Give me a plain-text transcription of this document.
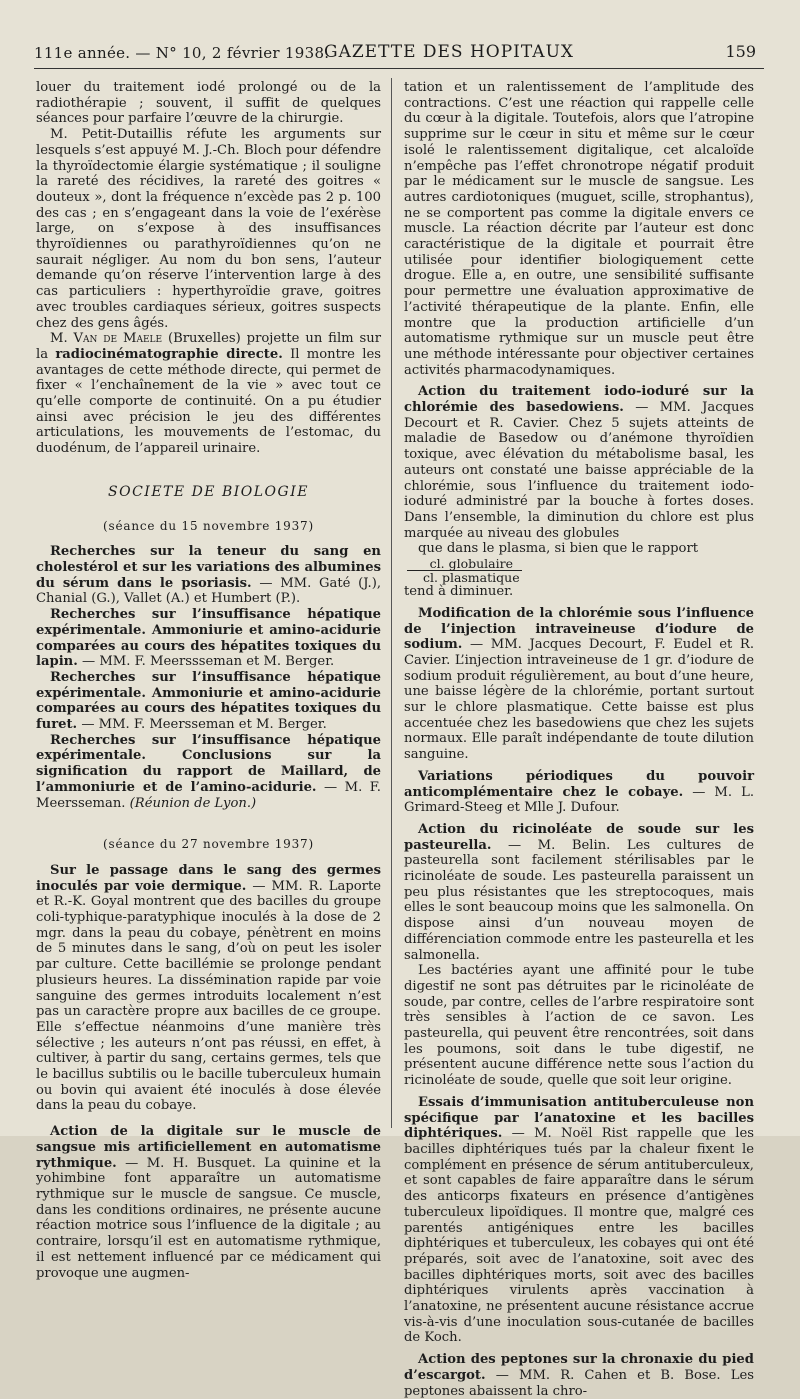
111e année. — N° 10, 2 février 1938.
GAZETTE DES HOPITAUX	159

louer du traitement iodé prolongé ou de la radiothérapie ; souvent, il suffit de quelques séances pour parfaire l’œuvre de la chirurgie.

M. Petit-Dutaillis réfute les arguments sur lesquels s’est appuyé M. J.-Ch. Bloch pour défendre la thyroïdectomie élargie systématique ; il souligne la rareté des récidives, la rareté des goitres « douteux », dont la fréquence n’excède pas 2 p. 100 des cas ; en s’engageant dans la voie de l’exérèse large, on s’expose à des insuffisances thyroïdiennes ou parathyroïdiennes qu’on ne saurait négliger. Au nom du bon sens, l’auteur demande qu’on réserve l’intervention large à des cas particuliers : hyperthyroïdie grave, goitres avec troubles cardiaques sérieux, goitres suspects chez des gens âgés.

M. Van de Maele (Bruxelles) projette un film sur la radiocinématographie directe. Il montre les avantages de cette méthode directe, qui permet de fixer « l’enchaînement de la vie » avec tout ce qu’elle comporte de continuité. On a pu étudier ainsi avec précision le jeu des différentes articulations, les mouvements de l’estomac, du duodénum, de l’appareil urinaire.

SOCIETE DE BIOLOGIE
(séance du 15 novembre 1937)

Recherches sur la teneur du sang en cholestérol et sur les variations des albumines du sérum dans le psoriasis. — MM. Gaté (J.), Chanial (G.), Vallet (A.) et Humbert (P.).

Recherches sur l’insuffisance hépatique expérimentale. Ammoniurie et amino-acidurie comparées au cours des hépatites toxiques du lapin. — MM. F. Meerssseman et M. Berger.

Recherches sur l’insuffisance hépatique expérimentale. Ammoniurie et amino-acidurie comparées au cours des hépatites toxiques du furet. — MM. F. Meersseman et M. Berger.

Recherches sur l’insuffisance hépatique expérimentale. Conclusions sur la signification du rapport de Maillard, de l’ammoniurie et de l’amino-acidurie. — M. F. Meersseman. (Réunion de Lyon.)

(séance du 27 novembre 1937)

Sur le passage dans le sang des germes inoculés par voie dermique. — MM. R. Laporte et R.-K. Goyal montrent que des bacilles du groupe coli-typhique-paratyphique inoculés à la dose de 2 mgr. dans la peau du cobaye, pénètrent en moins de 5 minutes dans le sang, d’où on peut les isoler par culture. Cette bacillémie se prolonge pendant plusieurs heures. La dissémination rapide par voie sanguine des germes introduits localement n’est pas un caractère propre aux bacilles de ce groupe. Elle s’effectue néanmoins d’une manière très sélective ; les auteurs n’ont pas réussi, en effet, à cultiver, à partir du sang, certains germes, tels que le bacillus subtilis ou le bacille tuberculeux humain ou bovin qui avaient été inoculés à dose élevée dans la peau du cobaye.

Action de la digitale sur le muscle de sangsue mis artificiellement en automatisme rythmique. — M. H. Busquet. La quinine et la yohimbine font apparaître un automatisme rythmique sur le muscle de sangsue. Ce muscle, dans les conditions ordinaires, ne présente aucune réaction motrice sous l’influence de la digitale ; au contraire, lorsqu’il est en automatisme rythmique, il est nettement influencé par ce médicament qui provoque une augmen-

tation et un ralentissement de l’amplitude des contractions. C’est une réaction qui rappelle celle du cœur à la digitale. Toutefois, alors que l’atropine supprime sur le cœur in situ et même sur le cœur isolé le ralentissement digitalique, cet alcaloïde n’empêche pas l’effet chronotrope négatif produit par le médicament sur le muscle de sangsue. Les autres cardiotoniques (muguet, scille, strophantus), ne se comportent pas comme la digitale envers ce muscle. La réaction décrite par l’auteur est donc caractéristique de la digitale et pourrait être utilisée pour identifier biologiquement cette drogue. Elle a, en outre, une sensibilité suffisante pour permettre une évaluation approximative de l’activité thérapeutique de la plante. Enfin, elle montre que la production artificielle d’un automatisme rythmique sur un muscle peut être une méthode intéressante pour objectiver certaines activités pharmacodynamiques.

Action du traitement iodo-ioduré sur la chlorémie des basedowiens. — MM. Jacques Decourt et R. Cavier. Chez 5 sujets atteints de maladie de Basedow ou d’anémone thyroïdien toxique, avec élévation du métabolisme basal, les auteurs ont constaté une baisse appréciable de la chlorémie, sous l’influence du traitement iodo-ioduré administré par la bouche à fortes doses. Dans l’ensemble, la diminution du chlore est plus marquée au niveau des globules

que dans le plasma, si bien que le rapport
$\frac{\text{cl. globulaire}}{\text{cl. plasmatique}}$

tend à diminuer.

Modification de la chlorémie sous l’influence de l’injection intraveineuse d’iodure de sodium. — MM. Jacques Decourt, F. Eudel et R. Cavier. L’injection intraveineuse de 1 gr. d’iodure de sodium produit régulièrement, au bout d’une heure, une baisse légère de la chlorémie, portant surtout sur le chlore plasmatique. Cette baisse est plus accentuée chez les basedowiens que chez les sujets normaux. Elle paraît indépendante de toute dilution sanguine.

Variations périodiques du pouvoir anticomplémentaire chez le cobaye. — M. L. Grimard-Steeg et Mlle J. Dufour.

Action du ricinoléate de soude sur les pasteurella. — M. Belin. Les cultures de pasteurella sont facilement stérilisables par le ricinoléate de soude. Les pasteurella paraissent un peu plus résistantes que les streptocoques, mais elles le sont beaucoup moins que les salmonella. On dispose ainsi d’un nouveau moyen de différenciation commode entre les pasteurella et les salmonella.

Les bactéries ayant une affinité pour le tube digestif ne sont pas détruites par le ricinoléate de soude, par contre, celles de l’arbre respiratoire sont très sensibles à l’action de ce savon. Les pasteurella, qui peuvent être rencontrées, soit dans les poumons, soit dans le tube digestif, ne présentent aucune différence nette sous l’action du ricinoléate de soude, quelle que soit leur origine.

Essais d’immunisation antituberculeuse non spécifique par l’anatoxine et les bacilles diphtériques. — M. Noël Rist rappelle que les bacilles diphtériques tués par la chaleur fixent le complément en présence de sérum antituberculeux, et sont capables de faire apparaître dans le sérum des anticorps fixateurs en présence d’antigènes tuberculeux lipoïdiques. Il montre que, malgré ces parentés antigéniques entre les bacilles diphtériques et tuberculeux, les cobayes qui ont été préparés, soit avec de l’anatoxine, soit avec des bacilles diphtériques morts, soit avec des bacilles diphtériques virulents après vaccination à l’anatoxine, ne présentent aucune résistance accrue vis-à-vis d’une inoculation sous-cutanée de bacilles de Koch.

Action des peptones sur la chronaxie du pied d’escargot. — MM. R. Cahen et B. Bose. Les peptones abaissent la chro-
